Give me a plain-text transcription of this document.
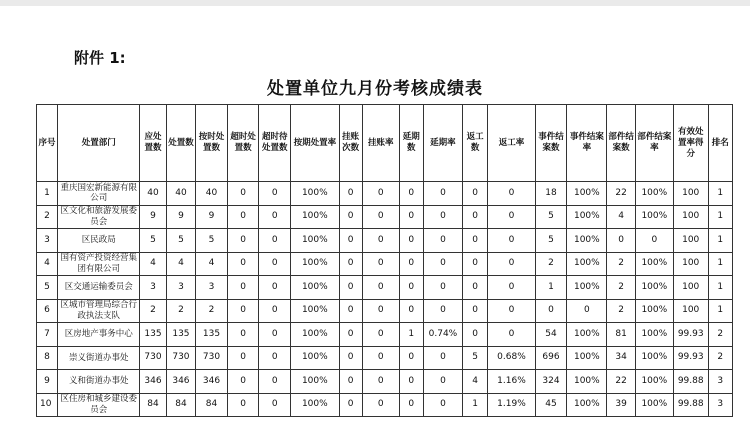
附件 1:
处置单位九月份考核成绩表
序号	处置部门	应处置数	处置数	按时处置数	超时处置数	超时待处置数	按期处置率	挂账次数	挂账率	延期数	延期率	返工数	返工率	事件结案数	事件结案率	部件结案数	部件结案率	有效处置率得分	排名
1	重庆国宏新能源有限公司	40	40	40	0	0	100%	0	0	0	0	0	0	18	100%	22	100%	100	1
2	区文化和旅游发展委员会	9	9	9	0	0	100%	0	0	0	0	0	0	5	100%	4	100%	100	1
3	区民政局	5	5	5	0	0	100%	0	0	0	0	0	0	5	100%	0	0	100	1
4	国有资产投资经营集团有限公司	4	4	4	0	0	100%	0	0	0	0	0	0	2	100%	2	100%	100	1
5	区交通运输委员会	3	3	3	0	0	100%	0	0	0	0	0	0	1	100%	2	100%	100	1
6	区城市管理局综合行政执法支队	2	2	2	0	0	100%	0	0	0	0	0	0	0	0	2	100%	100	1
7	区房地产事务中心	135	135	135	0	0	100%	0	0	1	0.74%	0	0	54	100%	81	100%	99.93	2
8	崇义街道办事处	730	730	730	0	0	100%	0	0	0	0	5	0.68%	696	100%	34	100%	99.93	2
9	义和街道办事处	346	346	346	0	0	100%	0	0	0	0	4	1.16%	324	100%	22	100%	99.88	3
10	区住房和城乡建设委员会	84	84	84	0	0	100%	0	0	0	0	1	1.19%	45	100%	39	100%	99.88	3
